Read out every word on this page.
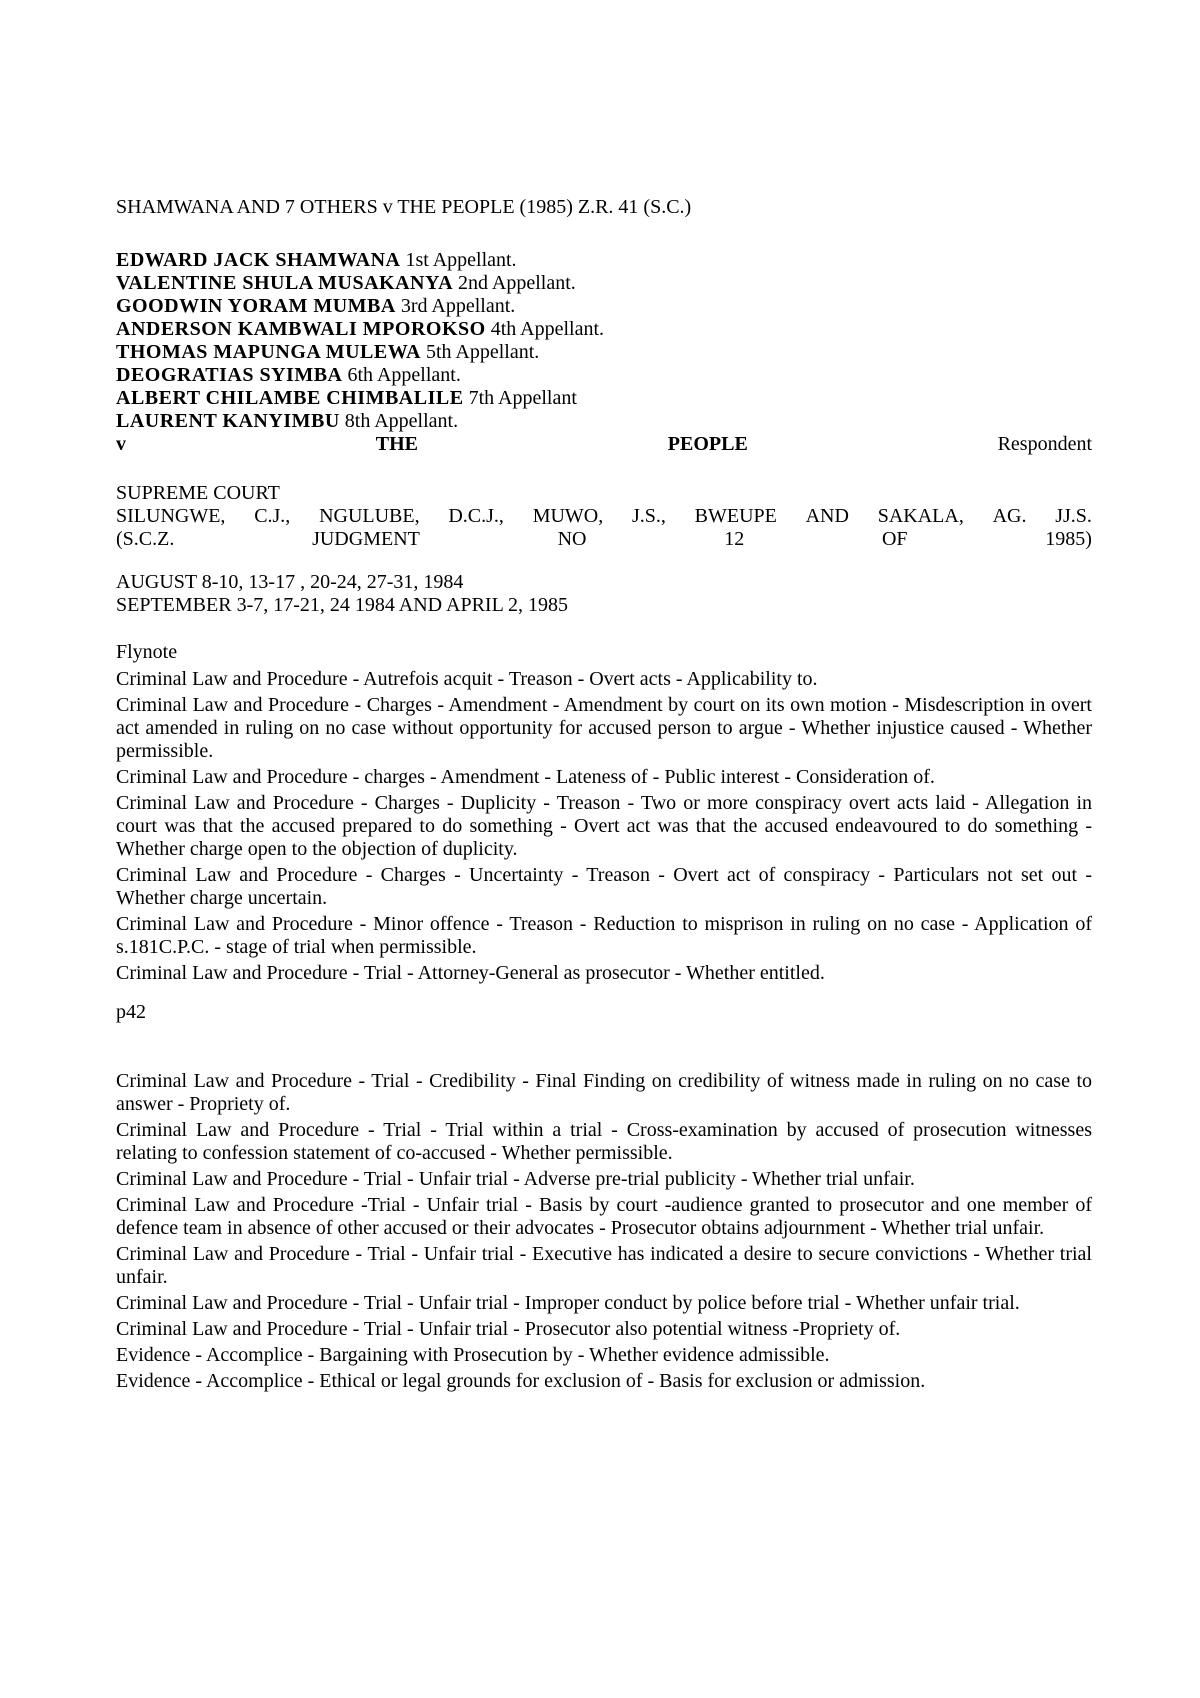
SHAMWANA AND 7 OTHERS v THE PEOPLE (1985) Z.R. 41 (S.C.)

EDWARD JACK SHAMWANA 1st Appellant.

VALENTINE SHULA MUSAKANYA 2nd Appellant.

GOODWIN YORAM MUMBA 3rd Appellant.

ANDERSON KAMBWALI MPOROKSO 4th Appellant.

THOMAS MAPUNGA MULEWA 5th Appellant.

DEOGRATIAS SYIMBA 6th Appellant.

ALBERT CHILAMBE CHIMBALILE 7th Appellant

LAURENT KANYIMBU 8th Appellant.

v	THE	PEOPLE	Respondent

SUPREME COURT

SILUNGWE, C.J., NGULUBE, D.C.J., MUWO, J.S., BWEUPE AND SAKALA, AG. JJ.S.
(S.C.Z.	JUDGMENT	NO	12	OF	1985)

AUGUST 8-10, 13-17 , 20-24, 27-31, 1984

SEPTEMBER 3-7, 17-21, 24 1984 AND APRIL 2, 1985

Flynote

Criminal Law and Procedure - Autrefois acquit - Treason - Overt acts - Applicability to.

Criminal Law and Procedure - Charges - Amendment - Amendment by court on its own motion - Misdescription in overt act amended in ruling on no case without opportunity for accused person to argue - Whether injustice caused - Whether permissible.

Criminal Law and Procedure - charges - Amendment - Lateness of - Public interest - Consideration of.

Criminal Law and Procedure - Charges - Duplicity - Treason - Two or more conspiracy overt acts laid - Allegation in court was that the accused prepared to do something - Overt act was that the accused endeavoured to do something - Whether charge open to the objection of duplicity.

Criminal Law and Procedure - Charges - Uncertainty - Treason - Overt act of conspiracy - Particulars not set out - Whether charge uncertain.

Criminal Law and Procedure - Minor offence - Treason - Reduction to misprison in ruling on no case - Application of s.181C.P.C. - stage of trial when permissible.

Criminal Law and Procedure - Trial - Attorney-General as prosecutor - Whether entitled.

p42

Criminal Law and Procedure - Trial - Credibility - Final Finding on credibility of witness made in ruling on no case to answer - Propriety of.

Criminal Law and Procedure - Trial - Trial within a trial - Cross-examination by accused of prosecution witnesses relating to confession statement of co-accused - Whether permissible.

Criminal Law and Procedure - Trial - Unfair trial - Adverse pre-trial publicity - Whether trial unfair.

Criminal Law and Procedure -Trial - Unfair trial - Basis by court -audience granted to prosecutor and one member of defence team in absence of other accused or their advocates - Prosecutor obtains adjournment - Whether trial unfair.

Criminal Law and Procedure - Trial - Unfair trial - Executive has indicated a desire to secure convictions - Whether trial unfair.

Criminal Law and Procedure - Trial - Unfair trial - Improper conduct by police before trial - Whether unfair trial.

Criminal Law and Procedure - Trial - Unfair trial - Prosecutor also potential witness -Propriety of.

Evidence - Accomplice - Bargaining with Prosecution by - Whether evidence admissible.

Evidence - Accomplice - Ethical or legal grounds for exclusion of - Basis for exclusion or admission.
